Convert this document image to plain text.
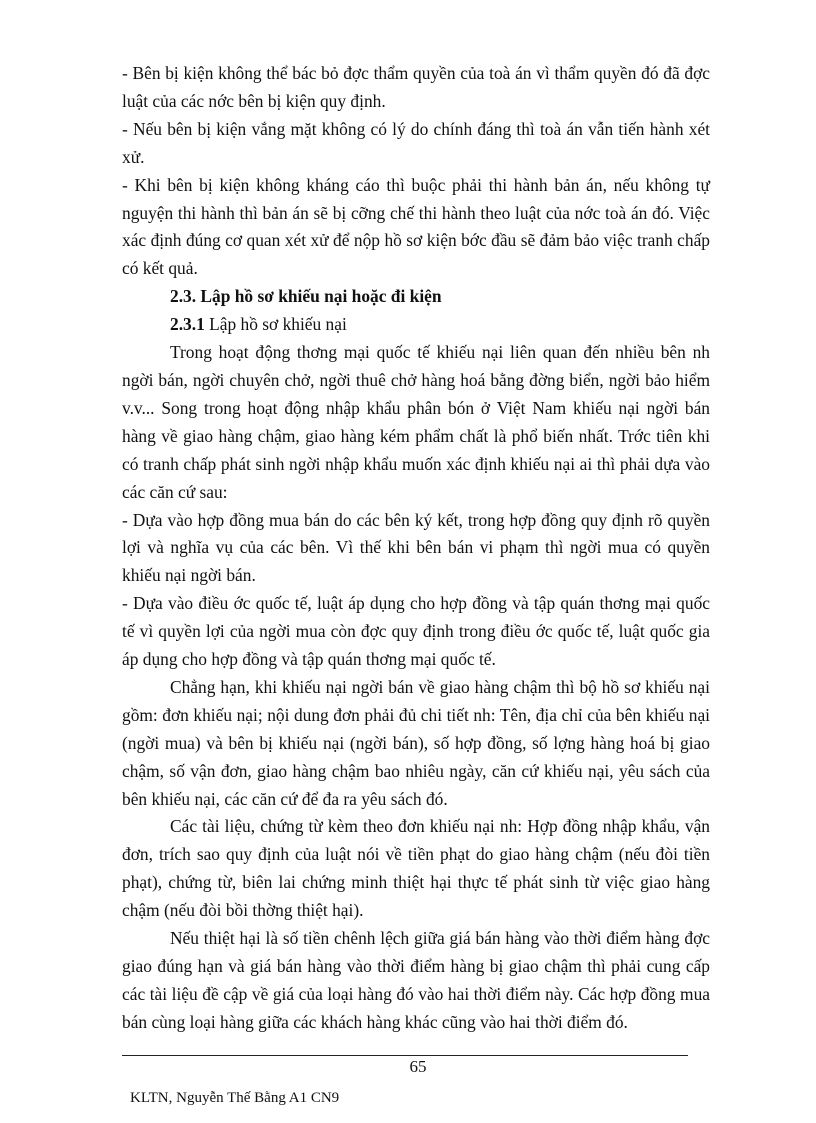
- Bên bị kiện không thể bác bỏ đợc thẩm quyền của toà án vì thẩm quyền đó đã đợc luật của các nớc bên bị kiện quy định.

- Nếu bên bị kiện vắng mặt không có lý do chính đáng thì toà án vẫn tiến hành xét xử.

- Khi bên bị kiện không kháng cáo thì buộc phải thi hành bản án, nếu không tự nguyện thi hành thì bản án sẽ bị cỡng chế thi hành theo luật của nớc toà án đó. Việc xác định đúng cơ quan xét xử để nộp hồ sơ kiện bớc đầu sẽ đảm bảo việc tranh chấp có kết quả.

2.3. Lập hồ sơ khiếu nại hoặc đi kiện

2.3.1 Lập hồ sơ khiếu nại

Trong hoạt động thơng mại quốc tế khiếu nại liên quan đến nhiều bên nh ngời bán, ngời chuyên chở, ngời thuê chở hàng hoá bằng đờng biển, ngời bảo hiểm v.v... Song trong hoạt động nhập khẩu phân bón ở Việt Nam khiếu nại ngời bán hàng về giao hàng chậm, giao hàng kém phẩm chất là phổ biến nhất. Trớc tiên khi có tranh chấp phát sinh ngời nhập khẩu muốn xác định khiếu nại ai thì phải dựa vào các căn cứ sau:

- Dựa vào hợp đồng mua bán do các bên ký kết, trong hợp đồng quy định rõ quyền lợi và nghĩa vụ của các bên. Vì thế khi bên bán vi phạm thì ngời mua có quyền khiếu nại ngời bán.

- Dựa vào điều ớc quốc tế, luật áp dụng cho hợp đồng và tập quán thơng mại quốc tế vì quyền lợi của ngời mua còn đợc quy định trong điều ớc quốc tế, luật quốc gia áp dụng cho hợp đồng và tập quán thơng mại quốc tế.

Chẳng hạn, khi khiếu nại ngời bán về giao hàng chậm thì bộ hồ sơ khiếu nại gồm: đơn khiếu nại; nội dung đơn phải đủ chi tiết nh: Tên, địa chỉ của bên khiếu nại (ngời mua) và bên bị khiếu nại (ngời bán), số hợp đồng, số lợng hàng hoá bị giao chậm, số vận đơn, giao hàng chậm bao nhiêu ngày, căn cứ khiếu nại, yêu sách của bên khiếu nại, các căn cứ để đa ra yêu sách đó.

Các tài liệu, chứng từ kèm theo đơn khiếu nại nh: Hợp đồng nhập khẩu, vận đơn, trích sao quy định của luật nói về tiền phạt do giao hàng chậm (nếu đòi tiền phạt), chứng từ, biên lai chứng minh thiệt hại thực tế phát sinh từ việc giao hàng chậm (nếu đòi bồi thờng thiệt hại).

Nếu thiệt hại là số tiền chênh lệch giữa giá bán hàng vào thời điểm hàng đợc giao đúng hạn và giá bán hàng vào thời điểm hàng bị giao chậm thì phải cung cấp các tài liệu đề cập về giá của loại hàng đó vào hai thời điểm này. Các hợp đồng mua bán cùng loại hàng giữa các khách hàng khác cũng vào hai thời điểm đó.

65
KLTN, Nguyễn Thế Bằng A1 CN9
